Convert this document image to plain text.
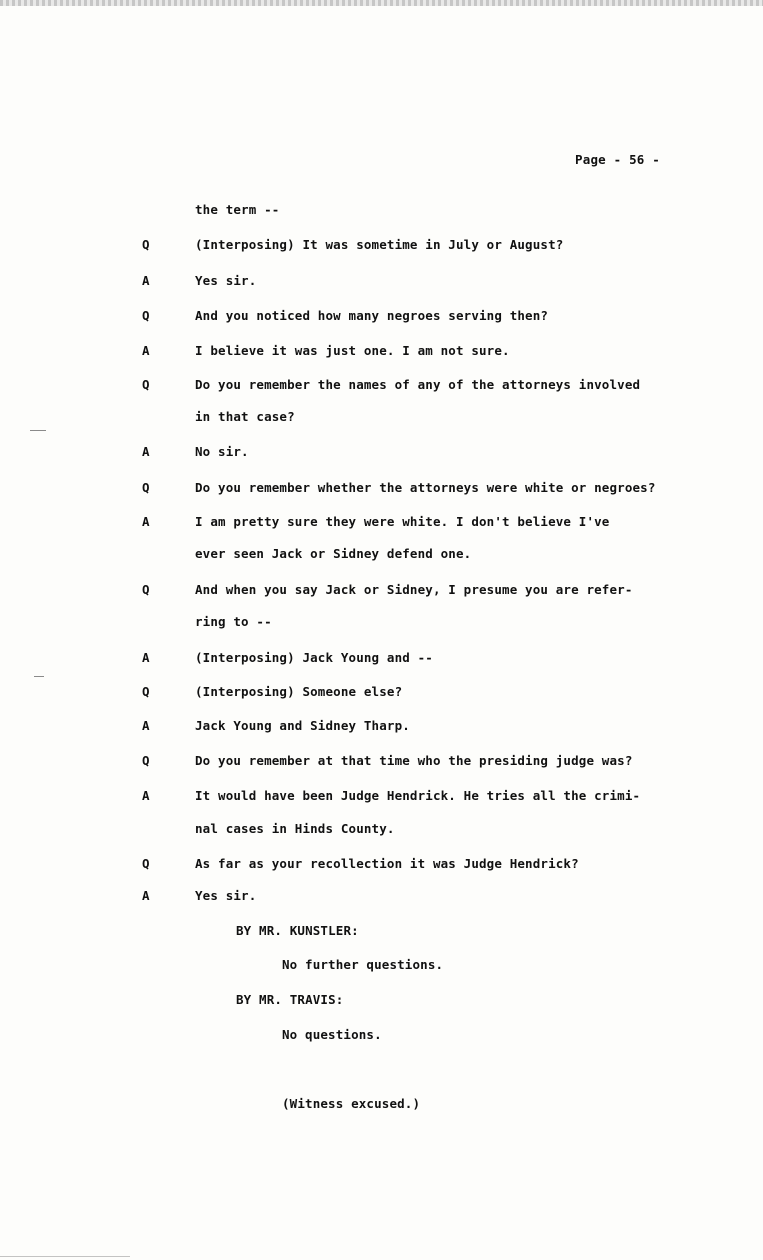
Page - 56 -
the term --
Q	(Interposing) It was sometime in July or August?
A	Yes sir.
Q	And you noticed how many negroes serving then?
A	I believe it was just one. I am not sure.
Q	Do you remember the names of any of the attorneys involved
in that case?
A	No sir.
Q	Do you remember whether the attorneys were white or negroes?
A	I am pretty sure they were white. I don't believe I've
ever seen Jack or Sidney defend one.
Q	And when you say Jack or Sidney, I presume you are refer-
ring to --
A	(Interposing) Jack Young and --
Q	(Interposing) Someone else?
A	Jack Young and Sidney Tharp.
Q	Do you remember at that time who the presiding judge was?
A	It would have been Judge Hendrick. He tries all the crimi-
nal cases in Hinds County.
Q	As far as your recollection it was Judge Hendrick?
A	Yes sir.
BY MR. KUNSTLER:
No further questions.
BY MR. TRAVIS:
No questions.
(Witness excused.)
